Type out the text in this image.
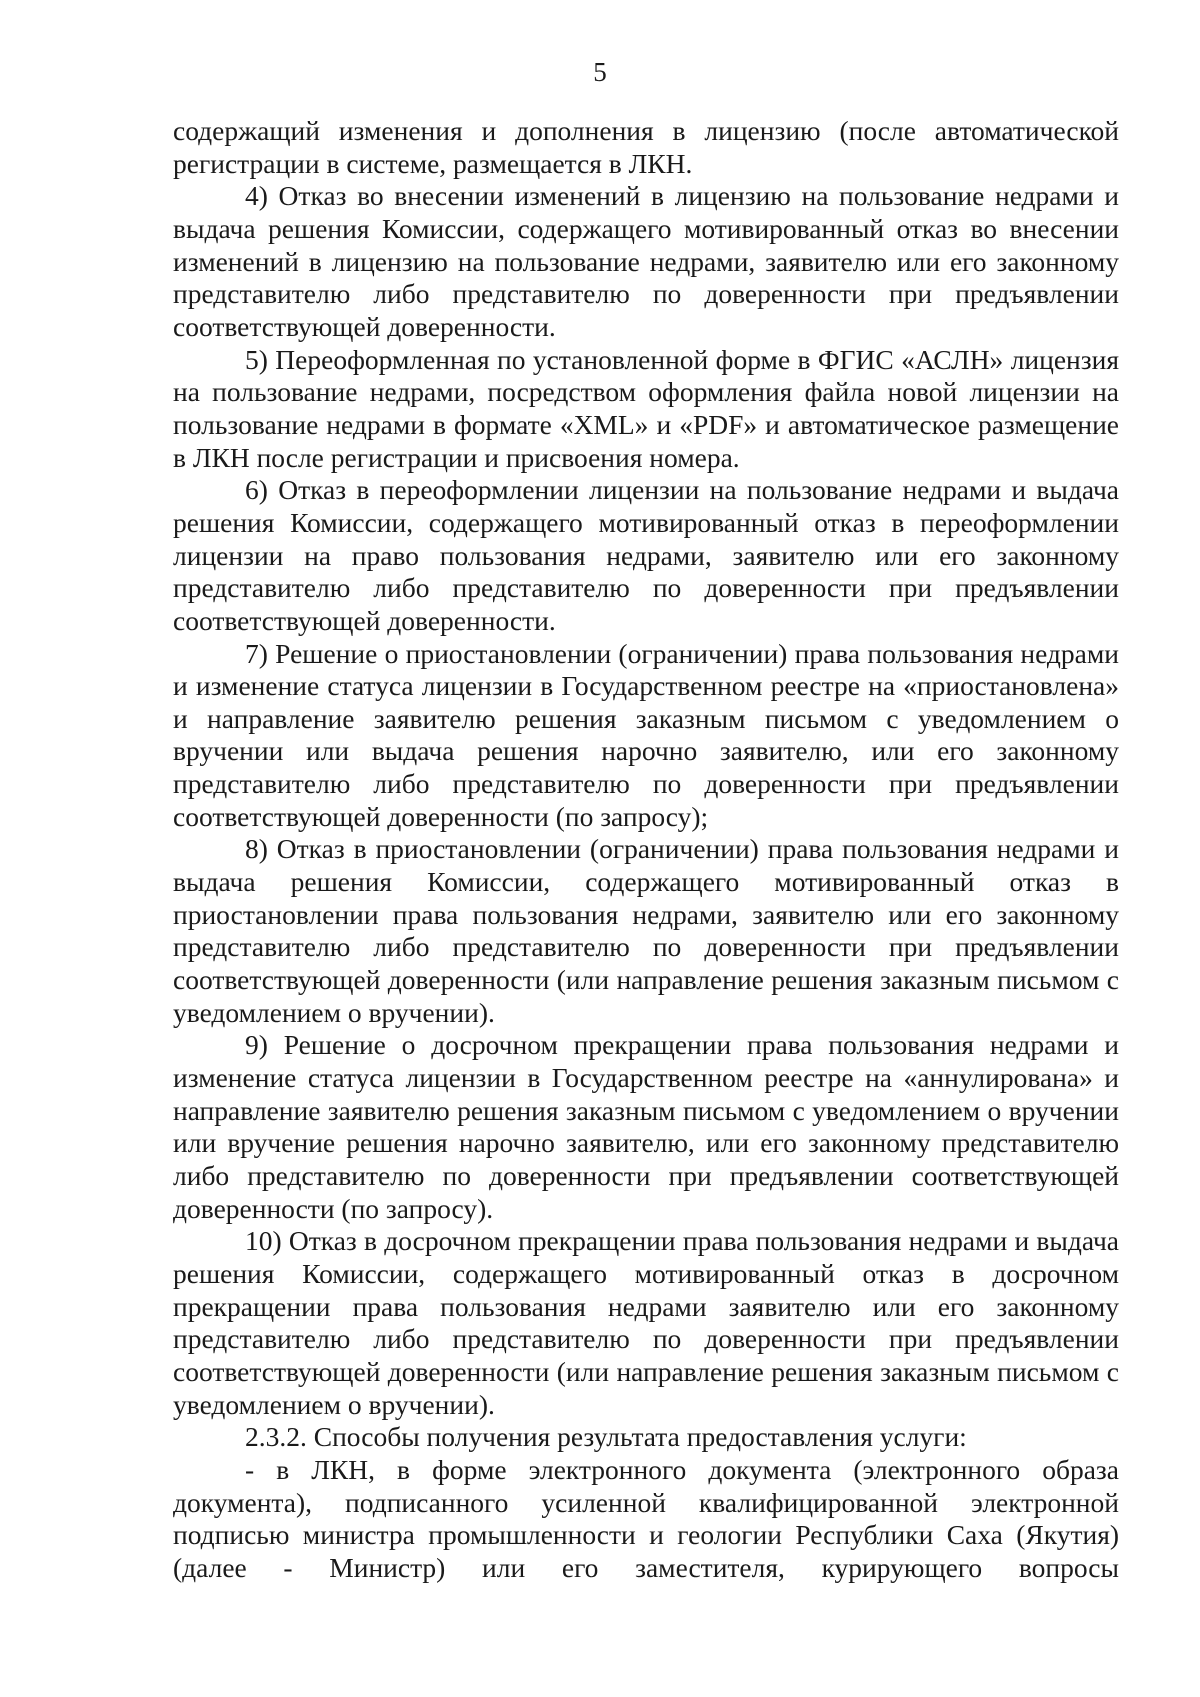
5

содержащий изменения и дополнения в лицензию (после автоматической регистрации в системе, размещается в ЛКН.

4) Отказ во внесении изменений в лицензию на пользование недрами и выдача решения Комиссии, содержащего мотивированный отказ во внесении изменений в лицензию на пользование недрами, заявителю или его законному представителю либо представителю по доверенности при предъявлении соответствующей доверенности.

5) Переоформленная по установленной форме в ФГИС «АСЛН» лицензия на пользование недрами, посредством оформления файла новой лицензии на пользование недрами в формате «XML» и «PDF» и автоматическое размещение в ЛКН после регистрации и присвоения номера.

6) Отказ в переоформлении лицензии на пользование недрами и выдача решения Комиссии, содержащего мотивированный отказ в переоформлении лицензии на право пользования недрами, заявителю или его законному представителю либо представителю по доверенности при предъявлении соответствующей доверенности.

7) Решение о приостановлении (ограничении) права пользования недрами и изменение статуса лицензии в Государственном реестре на «приостановлена» и направление заявителю решения заказным письмом с уведомлением о вручении или выдача решения нарочно заявителю, или его законному представителю либо представителю по доверенности при предъявлении соответствующей доверенности (по запросу);

8) Отказ в приостановлении (ограничении) права пользования недрами и выдача решения Комиссии, содержащего мотивированный отказ в приостановлении права пользования недрами, заявителю или его законному представителю либо представителю по доверенности при предъявлении соответствующей доверенности (или направление решения заказным письмом с уведомлением о вручении).

9) Решение о досрочном прекращении права пользования недрами и изменение статуса лицензии в Государственном реестре на «аннулирована» и направление заявителю решения заказным письмом с уведомлением о вручении или вручение решения нарочно заявителю, или его законному представителю либо представителю по доверенности при предъявлении соответствующей доверенности (по запросу).

10) Отказ в досрочном прекращении права пользования недрами и выдача решения Комиссии, содержащего мотивированный отказ в досрочном прекращении права пользования недрами заявителю или его законному представителю либо представителю по доверенности при предъявлении соответствующей доверенности (или направление решения заказным письмом с уведомлением о вручении).

2.3.2. Способы получения результата предоставления услуги:

- в ЛКН, в форме электронного документа (электронного образа документа), подписанного усиленной квалифицированной электронной подписью министра промышленности и геологии Республики Саха (Якутия) (далее - Министр) или его заместителя, курирующего вопросы
